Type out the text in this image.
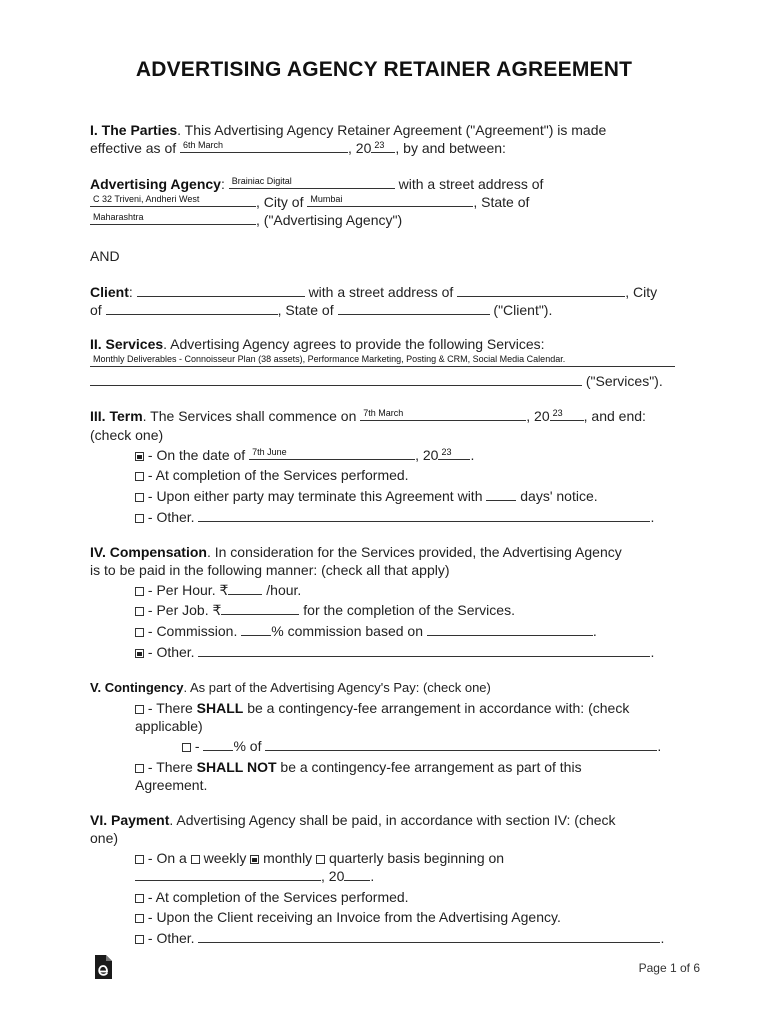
ADVERTISING AGENCY RETAINER AGREEMENT
I. The Parties. This Advertising Agency Retainer Agreement ("Agreement") is made
effective as of 6th March	, 20 23 , by and between:
Advertising Agency: Brainiac Digital	with a street address of
C 32 Triveni, Andheri West	, City of Mumbai	, State of
Maharashtra	, ("Advertising Agency")
AND
Client:	with a street address of	, City
of	, State of	("Client").
II. Services. Advertising Agency agrees to provide the following Services:
Monthly Deliverables - Connoisseur Plan (38 assets), Performance Marketing, Posting & CRM, Social Media Calendar.
("Services").
III. Term. The Services shall commence on 7th March	, 20 23 , and end:
(check one)
- On the date of 7th June	, 20 23 .
- At completion of the Services performed.
- Upon either party may terminate this Agreement with	days' notice.
- Other.	.
IV. Compensation. In consideration for the Services provided, the Advertising Agency
is to be paid in the following manner: (check all that apply)
- Per Hour. ₹	/hour.
- Per Job. ₹	for the completion of the Services.
- Commission. % commission based on	.
- Other.	.
V. Contingency. As part of the Advertising Agency's Pay: (check one)
- There SHALL be a contingency-fee arrangement in accordance with: (check
applicable)
- % of	.
- There SHALL NOT be a contingency-fee arrangement as part of this
Agreement.
VI. Payment. Advertising Agency shall be paid, in accordance with section IV: (check
one)
- On a weekly monthly quarterly basis beginning on
, 20 .
- At completion of the Services performed.
- Upon the Client receiving an Invoice from the Advertising Agency.
- Other.	.
Page 1 of 6
